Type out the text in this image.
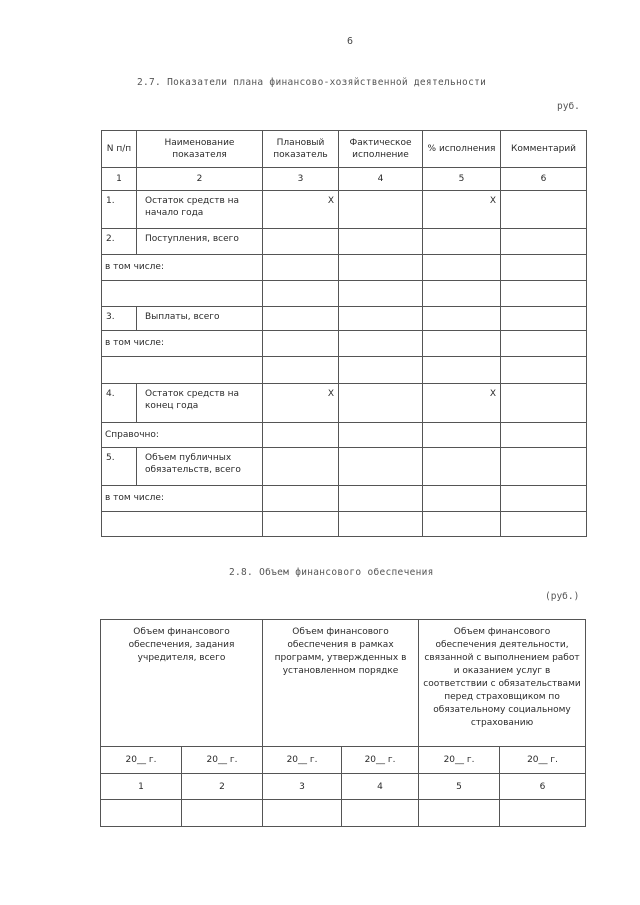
6
2.7. Показатели плана финансово-хозяйственной деятельности
руб.
N п/п	Наименование показателя	Плановый показатель	Фактическое исполнение	% исполнения	Комментарий
1	2	3	4	5	6
1.	Остаток средств на начало года	X		X	
2.	Поступления, всего				
в том числе:					

3.	Выплаты, всего				
в том числе:					

4.	Остаток средств на конец года	X		X	
Справочно:					
5.	Объем публичных обязательств, всего				
в том числе:					

2.8. Объем финансового обеспечения
(руб.)
Объем финансового обеспечения, задания учредителя, всего		Объем финансового обеспечения в рамках программ, утвержденных в установленном порядке		Объем финансового обеспечения деятельности, связанной с выполнением работ и оказанием услуг в соответствии с обязательствами перед страховщиком по обязательному социальному страхованию	
20__ г.	20__ г.	20__ г.	20__ г.	20__ г.	20__ г.
1	2	3	4	5	6
